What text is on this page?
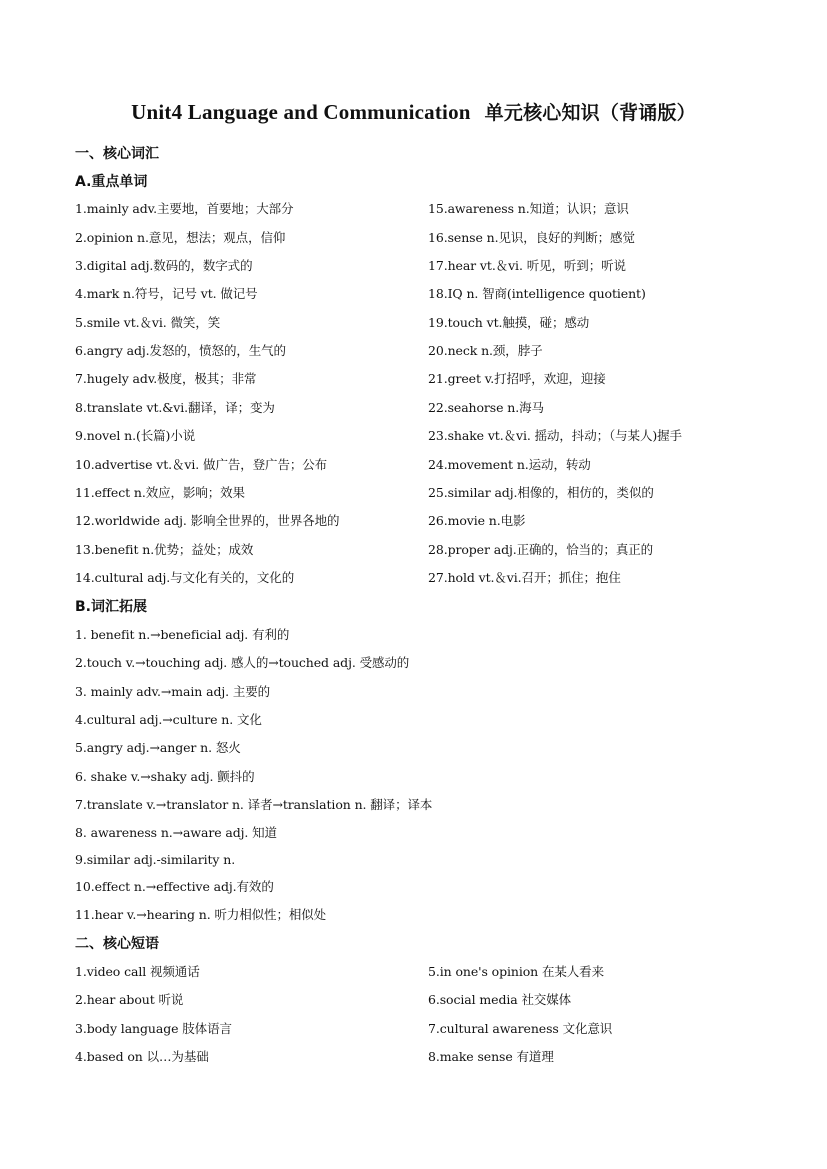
Unit4 Language and Communication 单元核心知识（背诵版）
一、核心词汇
A.重点单词
1.mainly adv.主要地，首要地；大部分
2.opinion n.意见，想法；观点，信仰
3.digital adj.数码的，数字式的
4.mark n.符号，记号 vt. 做记号
5.smile vt.＆vi. 微笑，笑
6.angry adj.发怒的，愤怒的，生气的
7.hugely adv.极度，极其；非常
8.translate vt.&vi.翻译，译；变为
9.novel n.(长篇)小说
10.advertise vt.＆vi. 做广告，登广告；公布
11.effect n.效应，影响；效果
12.worldwide adj. 影响全世界的，世界各地的
13.benefit n.优势；益处；成效
14.cultural adj.与文化有关的，文化的
15.awareness n.知道；认识；意识
16.sense n.见识，良好的判断；感觉
17.hear vt.＆vi. 听见，听到；听说
18.IQ n. 智商(intelligence quotient)
19.touch vt.触摸，碰；感动
20.neck n.颈，脖子
21.greet v.打招呼，欢迎，迎接
22.seahorse n.海马
23.shake vt.＆vi. 摇动，抖动；（与某人)握手
24.movement n.运动，转动
25.similar adj.相像的，相仿的，类似的
26.movie n.电影
28.proper adj.正确的，恰当的；真正的
27.hold vt.＆vi.召开；抓住；抱住
B.词汇拓展
1. benefit n.→beneficial adj. 有利的
2.touch v.→touching adj. 感人的→touched adj. 受感动的
3. mainly adv.→main adj. 主要的
4.cultural adj.→culture n. 文化
5.angry adj.→anger n. 怒火
6. shake v.→shaky adj. 颤抖的
7.translate v.→translator n. 译者→translation n. 翻译；译本
8. awareness n.→aware adj. 知道
9.similar adj.-similarity n.
10.effect n.→effective adj.有效的
11.hear v.→hearing n. 听力相似性；相似处
二、核心短语
1.video call 视频通话
2.hear about 听说
3.body language 肢体语言
4.based on 以…为基础
5.in one's opinion 在某人看来
6.social media 社交媒体
7.cultural awareness 文化意识
8.make sense 有道理
